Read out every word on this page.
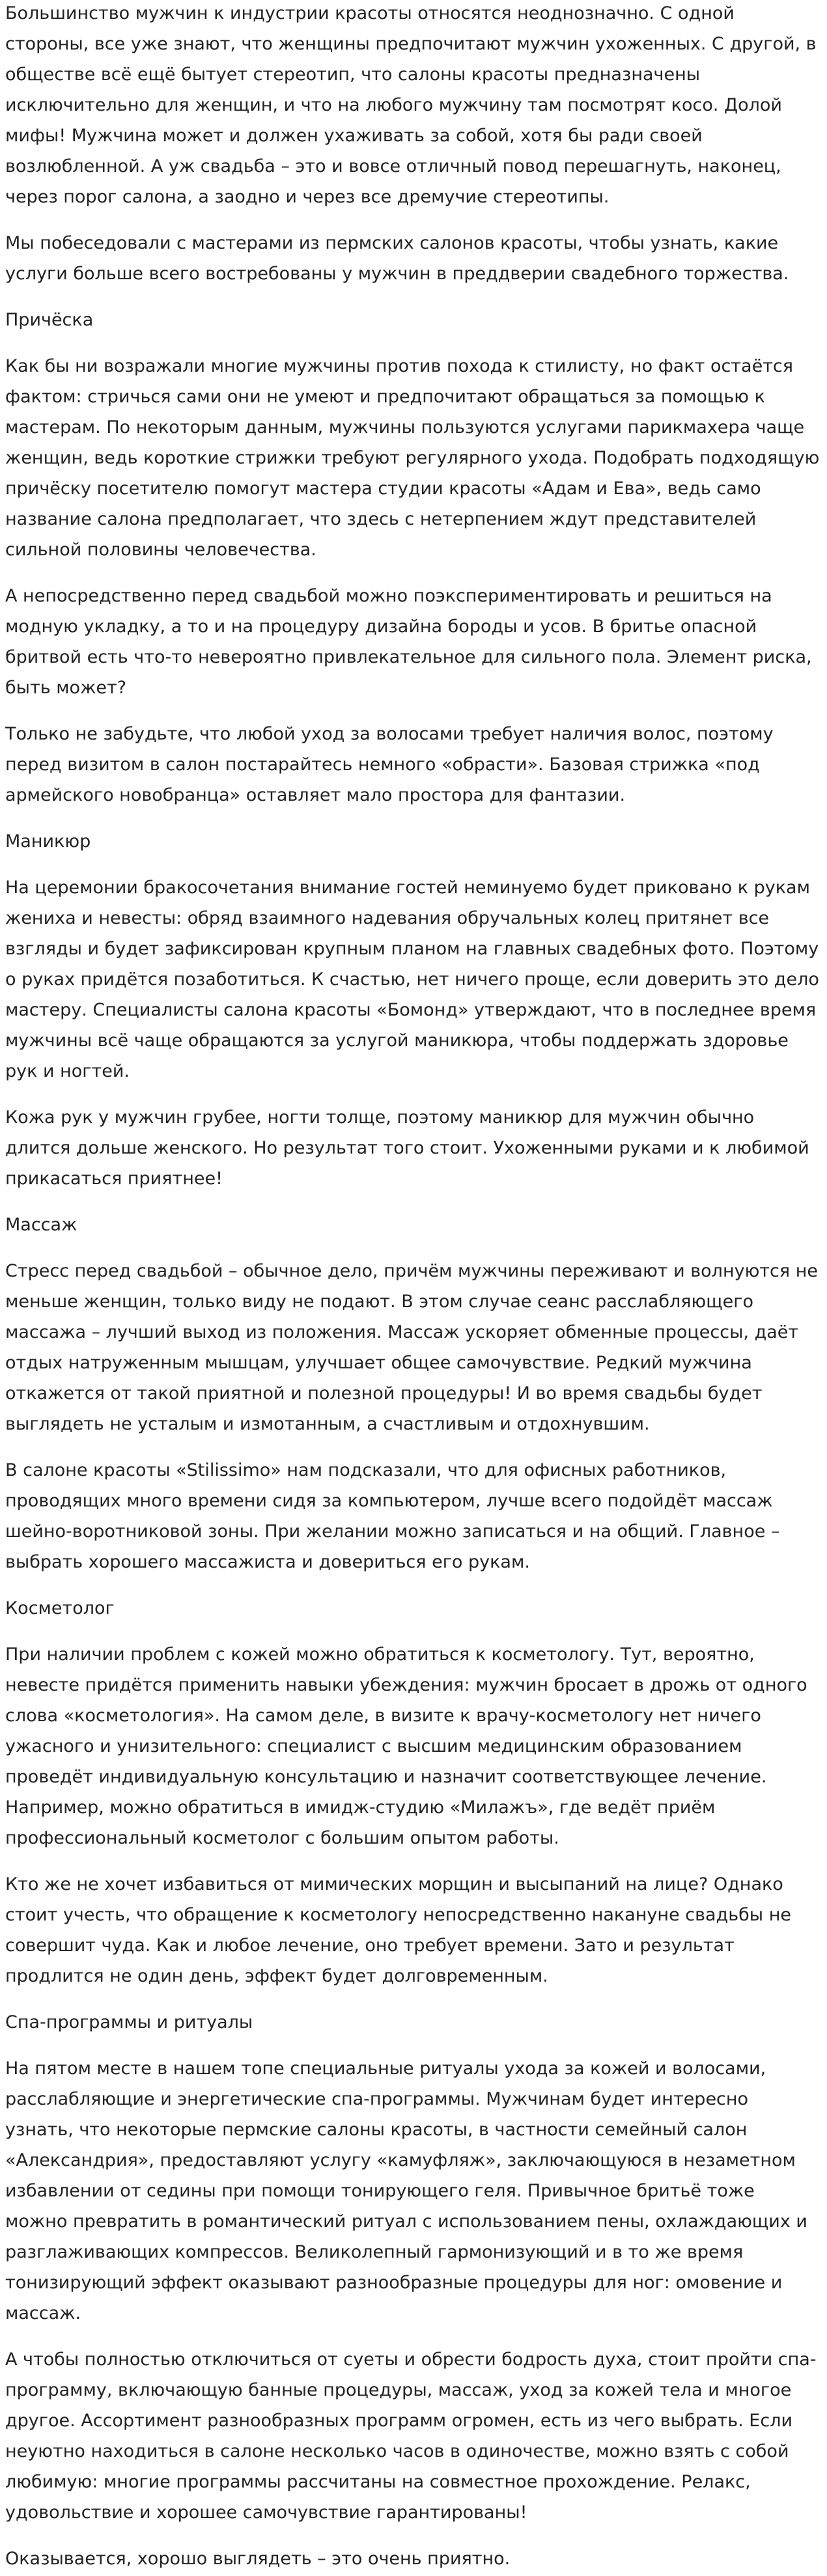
Большинство мужчин к индустрии красоты относятся неоднозначно. С одной стороны, все уже знают, что женщины предпочитают мужчин ухоженных. С другой, в обществе всё ещё бытует стереотип, что салоны красоты предназначены исключительно для женщин, и что на любого мужчину там посмотрят косо. Долой мифы! Мужчина может и должен ухаживать за собой, хотя бы ради своей возлюбленной. А уж свадьба – это и вовсе отличный повод перешагнуть, наконец, через порог салона, а заодно и через все дремучие стереотипы.

Мы побеседовали с мастерами из пермских салонов красоты, чтобы узнать, какие услуги больше всего востребованы у мужчин в преддверии свадебного торжества.

Причёска

Как бы ни возражали многие мужчины против похода к стилисту, но факт остаётся фактом: стричься сами они не умеют и предпочитают обращаться за помощью к мастерам. По некоторым данным, мужчины пользуются услугами парикмахера чаще женщин, ведь короткие стрижки требуют регулярного ухода. Подобрать подходящую причёску посетителю помогут мастера студии красоты «Адам и Ева», ведь само название салона предполагает, что здесь с нетерпением ждут представителей сильной половины человечества.

А непосредственно перед свадьбой можно поэкспериментировать и решиться на модную укладку, а то и на процедуру дизайна бороды и усов. В бритье опасной бритвой есть что-то невероятно привлекательное для сильного пола. Элемент риска, быть может?

Только не забудьте, что любой уход за волосами требует наличия волос, поэтому перед визитом в салон постарайтесь немного «обрасти». Базовая стрижка «под армейского новобранца» оставляет мало простора для фантазии.

Маникюр

На церемонии бракосочетания внимание гостей неминуемо будет приковано к рукам жениха и невесты: обряд взаимного надевания обручальных колец притянет все взгляды и будет зафиксирован крупным планом на главных свадебных фото. Поэтому о руках придётся позаботиться. К счастью, нет ничего проще, если доверить это дело мастеру. Специалисты салона красоты «Бомонд» утверждают, что в последнее время мужчины всё чаще обращаются за услугой маникюра, чтобы поддержать здоровье рук и ногтей.

Кожа рук у мужчин грубее, ногти толще, поэтому маникюр для мужчин обычно длится дольше женского. Но результат того стоит. Ухоженными руками и к любимой прикасаться приятнее!

Массаж

Стресс перед свадьбой – обычное дело, причём мужчины переживают и волнуются не меньше женщин, только виду не подают. В этом случае сеанс расслабляющего массажа – лучший выход из положения. Массаж ускоряет обменные процессы, даёт отдых натруженным мышцам, улучшает общее самочувствие. Редкий мужчина откажется от такой приятной и полезной процедуры! И во время свадьбы будет выглядеть не усталым и измотанным, а счастливым и отдохнувшим.

В салоне красоты «Stilissimo» нам подсказали, что для офисных работников, проводящих много времени сидя за компьютером, лучше всего подойдёт массаж шейно-воротниковой зоны. При желании можно записаться и на общий. Главное – выбрать хорошего массажиста и довериться его рукам.

Косметолог

При наличии проблем с кожей можно обратиться к косметологу. Тут, вероятно, невесте придётся применить навыки убеждения: мужчин бросает в дрожь от одного слова «косметология». На самом деле, в визите к врачу-косметологу нет ничего ужасного и унизительного: специалист с высшим медицинским образованием проведёт индивидуальную консультацию и назначит соответствующее лечение. Например, можно обратиться в имидж-студию «Милажъ», где ведёт приём профессиональный косметолог с большим опытом работы.

Кто же не хочет избавиться от мимических морщин и высыпаний на лице? Однако стоит учесть, что обращение к косметологу непосредственно накануне свадьбы не совершит чуда. Как и любое лечение, оно требует времени. Зато и результат продлится не один день, эффект будет долговременным.

Спа-программы и ритуалы

На пятом месте в нашем топе специальные ритуалы ухода за кожей и волосами, расслабляющие и энергетические спа-программы. Мужчинам будет интересно узнать, что некоторые пермские салоны красоты, в частности семейный салон «Александрия», предоставляют услугу «камуфляж», заключающуюся в незаметном избавлении от седины при помощи тонирующего геля. Привычное бритьё тоже можно превратить в романтический ритуал с использованием пены, охлаждающих и разглаживающих компрессов. Великолепный гармонизующий и в то же время тонизирующий эффект оказывают разнообразные процедуры для ног: омовение и массаж.

А чтобы полностью отключиться от суеты и обрести бодрость духа, стоит пройти спа-программу, включающую банные процедуры, массаж, уход за кожей тела и многое другое. Ассортимент разнообразных программ огромен, есть из чего выбрать. Если неуютно находиться в салоне несколько часов в одиночестве, можно взять с собой любимую: многие программы рассчитаны на совместное прохождение. Релакс, удовольствие и хорошее самочувствие гарантированы!

Оказывается, хорошо выглядеть – это очень приятно.
